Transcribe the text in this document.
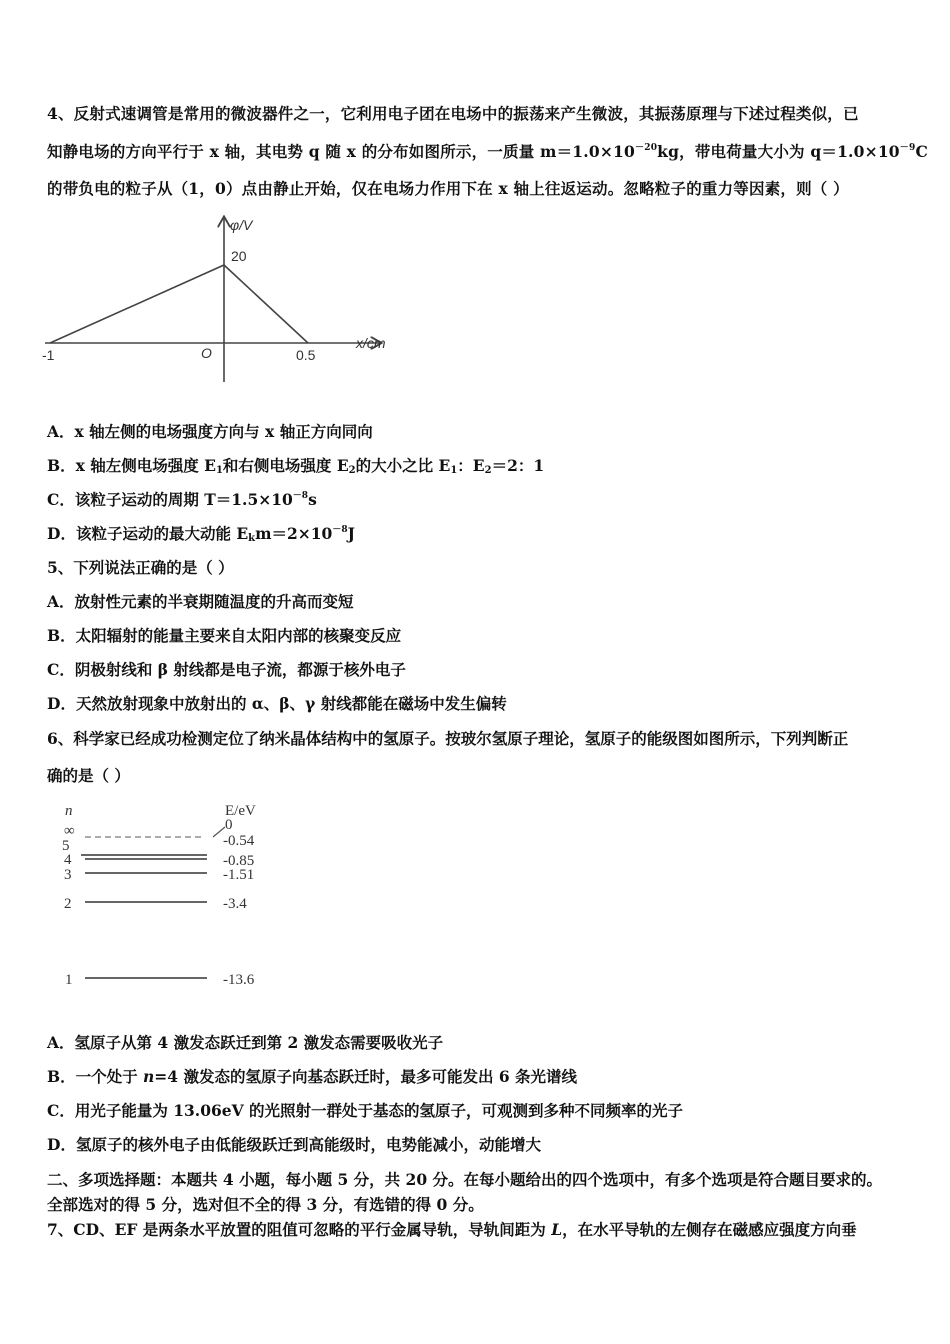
4、反射式速调管是常用的微波器件之一，它利用电子团在电场中的振荡来产生微波，其振荡原理与下述过程类似，已
知静电场的方向平行于 x 轴，其电势 q 随 x 的分布如图所示，一质量 $m=1.0\times 10^{-20}kg$，带电荷量大小为 $q=1.0\times 10^{-9}C$
的带负电的粒子从（1，0）点由静止开始，仅在电场力作用下在 x 轴上往返运动。忽略粒子的重力等因素，则（ ）
φ/V
x/cm
20
O
-1	0.5
A．x 轴左侧的电场强度方向与 x 轴正方向同向
B．x 轴左侧电场强度 $E_1$和右侧电场强度 $E_2$的大小之比 $E_1$：$E_2=2$：1
C．该粒子运动的周期 $T=1.5\times 10^{-8}s$
D．该粒子运动的最大动能 $E_km=2\times 10^{-8}J$
5、下列说法正确的是（ ）
A．放射性元素的半衰期随温度的升高而变短
B．太阳辐射的能量主要来自太阳内部的核聚变反应
C．阴极射线和 β 射线都是电子流，都源于核外电子
D．天然放射现象中放射出的 α、β、γ 射线都能在磁场中发生偏转
6、科学家已经成功检测定位了纳米晶体结构中的氢原子。按玻尔氢原子理论，氢原子的能级图如图所示，下列判断正
确的是（ ）
n	E/eV
∞	0
5	-0.54
4	-0.85
3	-1.51
2	-3.4
1	-13.6
A．氢原子从第 4 激发态跃迁到第 2 激发态需要吸收光子
B．一个处于 n=4 激发态的氢原子向基态跃迁时，最多可能发出 6 条光谱线
C．用光子能量为 13.06eV 的光照射一群处于基态的氢原子，可观测到多种不同频率的光子
D．氢原子的核外电子由低能级跃迁到高能级时，电势能减小，动能增大
二、多项选择题：本题共 4 小题，每小题 5 分，共 20 分。在每小题给出的四个选项中，有多个选项是符合题目要求的。
全部选对的得 5 分，选对但不全的得 3 分，有选错的得 0 分。
7、CD、EF 是两条水平放置的阻值可忽略的平行金属导轨，导轨间距为 L，在水平导轨的左侧存在磁感应强度方向垂
